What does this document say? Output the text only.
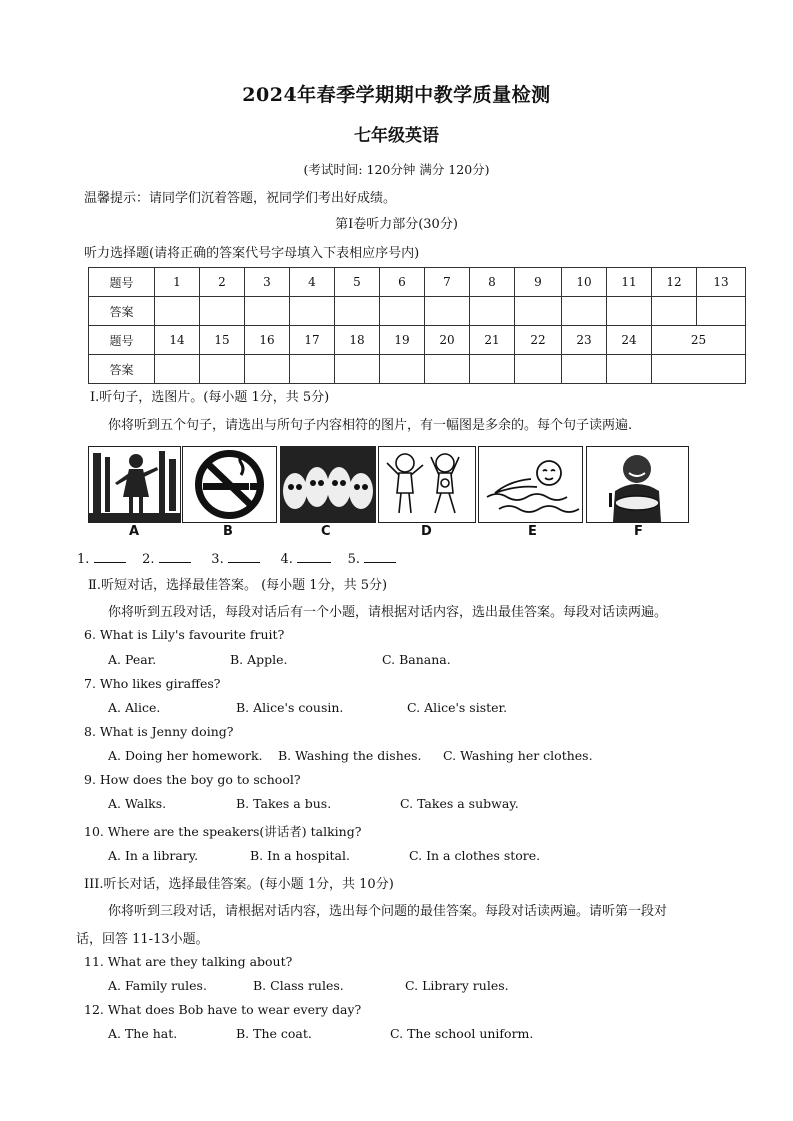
2024年春季学期期中教学质量检测
七年级英语
(考试时间: 120分钟 满分 120分)
温馨提示：请同学们沉着答题，祝同学们考出好成绩。
第Ⅰ卷听力部分(30分)
听力选择题(请将正确的答案代号字母填入下表相应序号内)
题号	1	2	3	4	5	6	7	8	9	10	11	12	13
答案													
题号	14	15	16	17	18	19	20	21	22	23	24	25	
答案													
Ⅰ.听句子，选图片。(每小题 1分，共 5分)
你将听到五个句子，请选出与所句子内容相符的图片，有一幅图是多余的。每个句子读两遍.
A	B	C	D	E	F
1.	2.	3.	4.	5.
Ⅱ.听短对话，选择最佳答案。 (每小题 1分，共 5分)
你将听到五段对话，每段对话后有一个小题，请根据对话内容，选出最佳答案。每段对话读两遍。
6. What is Lily's favourite fruit?
A. Pear.	B. Apple.	C. Banana.
7. Who likes giraffes?
A. Alice.	B. Alice's cousin.	C. Alice's sister.
8. What is Jenny doing?
A. Doing her homework. B. Washing the dishes. C. Washing her clothes.
9. How does the boy go to school?
A. Walks.	B. Takes a bus.	C. Takes a subway.
10. Where are the speakers(讲话者) talking?
A. In a library.	B. In a hospital.	C. In a clothes store.
III.听长对话，选择最佳答案。(每小题 1分，共 10分)
你将听到三段对话，请根据对话内容，选出每个问题的最佳答案。每段对话读两遍。请听第一段对
话，回答 11-13小题。
11. What are they talking about?
A. Family rules.	B. Class rules.	C. Library rules.
12. What does Bob have to wear every day?
A. The hat.	B. The coat.	C. The school uniform.
